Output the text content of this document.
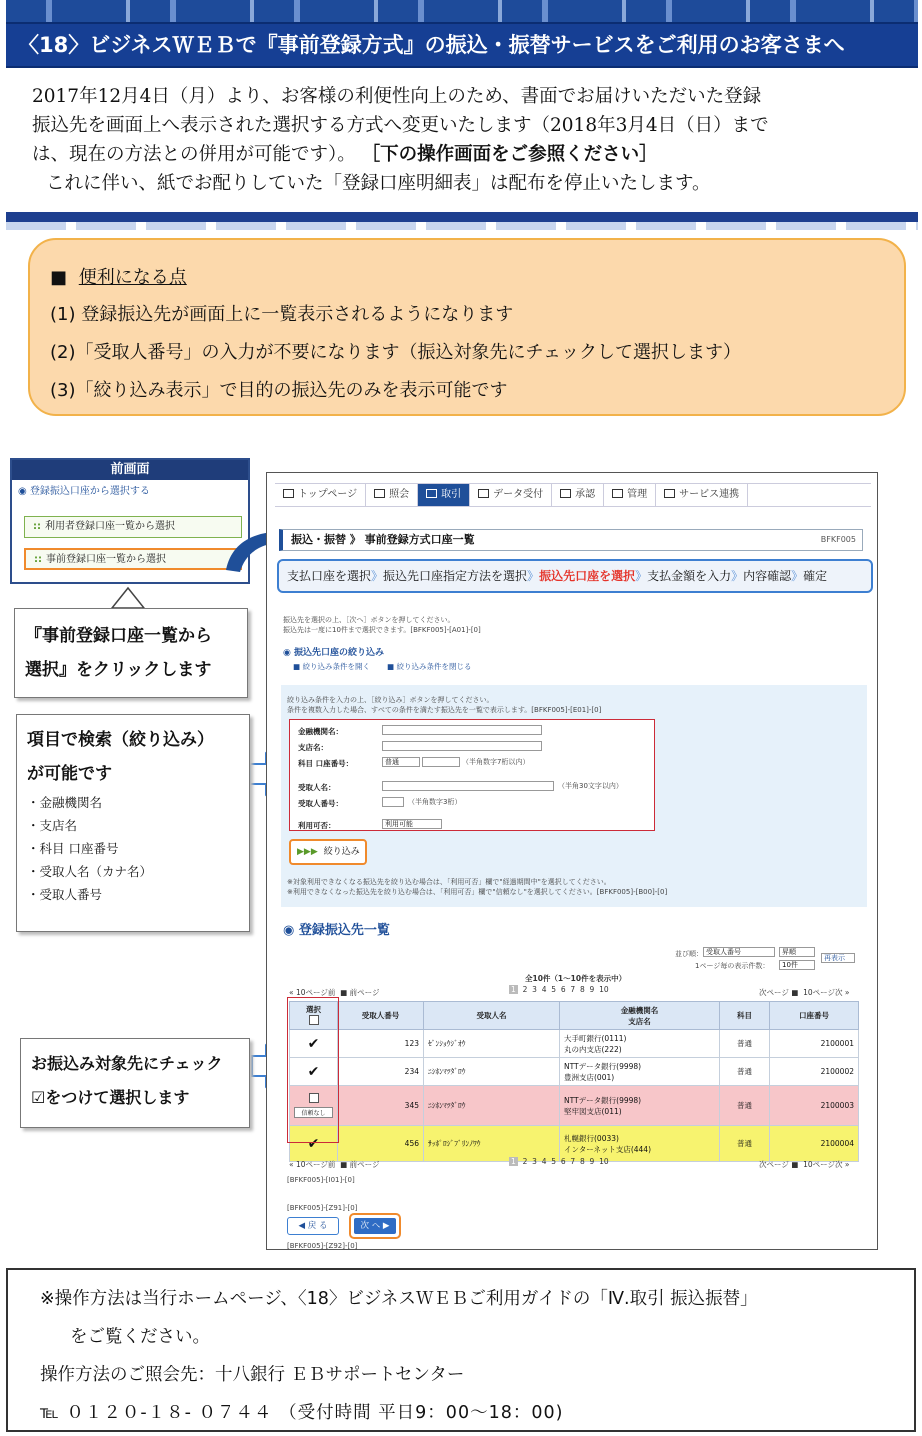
〈18〉ビジネスＷＥＢで『事前登録方式』の振込・振替サービスをご利用のお客さまへ
2017年12月4日（月）より、お客様の利便性向上のため、書面でお届けいただいた登録
振込先を画面上へ表示された選択する方式へ変更いたします（2018年3月4日（日）まで
は、現在の方法との併用が可能です）。 ［下の操作画面をご参照ください］
これに伴い、紙でお配りしていた「登録口座明細表」は配布を停止いたします。
■ 便利になる点
(1) 登録振込先が画面上に一覧表示されるようになります
(2)「受取人番号」の入力が不要になります（振込対象先にチェックして選択します）
(3)「絞り込み表示」で目的の振込先のみを表示可能です
前画面
◉ 登録振込口座から選択する
:: 利用者登録口座一覧から選択
:: 事前登録口座一覧から選択
『事前登録口座一覧から
選択』をクリックします
項目で検索（絞り込み）
が可能です
・金融機関名
・支店名
・科目 口座番号
・受取人名（カナ名）
・受取人番号
お振込み対象先にチェック
☑をつけて選択します
トップページ	照会	取引	データ受付	承認	管理	サービス連携
振込・振替 》 事前登録方式口座一覧	BFKF005
支払口座を選択》振込先口座指定方法を選択》振込先口座を選択》支払金額を入力》内容確認》確定
振込先を選択の上、［次へ］ボタンを押してください。
振込先は一度に10件まで選択できます。[BFKF005]-[A01]-[0]
◉ 振込先口座の絞り込み
■ 絞り込み条件を開く ■ 絞り込み条件を閉じる
絞り込み条件を入力の上、［絞り込み］ボタンを押してください。
条件を複数入力した場合、すべての条件を満たす振込先を一覧で表示します。[BFKF005]-[E01]-[0]
金融機関名：
支店名：
科目 口座番号：	普通	（半角数字7桁以内）
受取人名：	（半角30文字以内）
受取人番号：	（半角数字3桁）
利用可否：	利用可能
▶▶▶ 絞り込み
※対象利用できなくなる振込先を絞り込む場合は、「利用可否」欄で"経過期間中"を選択してください。
※利用できなくなった振込先を絞り込む場合は、「利用可否」欄で"信頼なし"を選択してください。[BFKF005]-[B00]-[0]
◉ 登録振込先一覧
並び順： 受取人番号	昇順
1ページ毎の表示件数：	10件
再表示
全10件（1～10件を表示中）
« 10ページ前 ■ 前ページ	1 2 3 4 5 6 7 8 9 10	次ページ ■ 10ページ次 »
選択	受取人番号	受取人名	金融機関名
支店名	科目	口座番号
✔	123	ｾﾞﾝｼｮｳｼﾞｵｳ	大手町銀行(0111)
丸の内支店(222)	普通	2100001
✔	234	ﾆｼﾎﾝﾏﾂﾀﾞﾛｳ	NTTデータ銀行(9998)
豊洲支店(001)	普通	2100002

信頼なし	345	ﾆｼﾎﾝﾏﾂﾀﾞﾛｳ	NTTデータ銀行(9998)
堅牢図支店(011)	普通	2100003
✔	456	ｻｯﾎﾟﾛｼﾞﾌﾞﾘﾝﾉﾜｳ	札幌銀行(0033)
インターネット支店(444)	普通	2100004
« 10ページ前 ■ 前ページ	1 2 3 4 5 6 7 8 9 10	次ページ ■ 10ページ次 »
[BFKF005]-[I01]-[0]
[BFKF005]-[Z91]-[0]
◀ 戻 る	次 へ ▶
[BFKF005]-[Z92]-[0]
※操作方法は当行ホームページ、〈18〉ビジネスＷＥＢご利用ガイドの「Ⅳ.取引 振込振替」
をご覧ください。
操作方法のご照会先：十八銀行 ＥＢサポートセンター
℡ ０１２０-１８- ０７４４ （受付時間 平日9：00～18：00)
